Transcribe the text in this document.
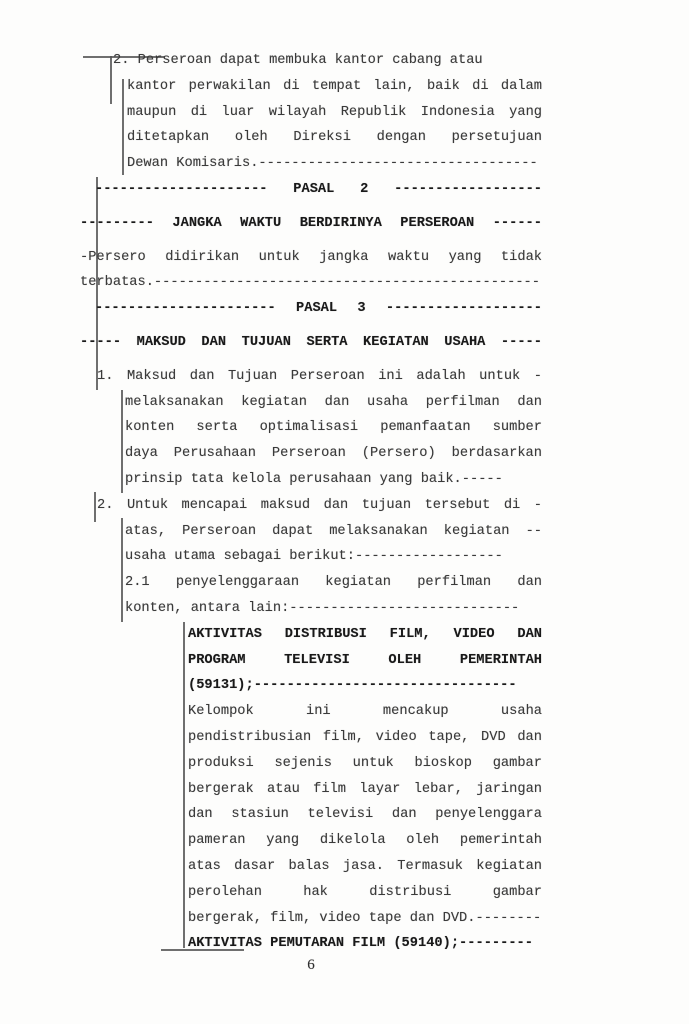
2. Perseroan dapat membuka kantor cabang atau
kantor perwakilan di tempat lain, baik di dalam
maupun di luar wilayah Republik Indonesia yang
ditetapkan oleh Direksi dengan persetujuan
Dewan Komisaris.----------------------------------
--------------------- PASAL 2 ------------------
--------- JANGKA WAKTU BERDIRINYA PERSEROAN ------
-Persero didirikan untuk jangka waktu yang tidak
terbatas.-----------------------------------------------
---------------------- PASAL 3 -------------------
----- MAKSUD DAN TUJUAN SERTA KEGIATAN USAHA -----
1. Maksud dan Tujuan Perseroan ini adalah untuk -
melaksanakan kegiatan dan usaha perfilman dan
konten serta optimalisasi pemanfaatan sumber
daya Perusahaan Perseroan (Persero) berdasarkan
prinsip tata kelola perusahaan yang baik.-----
2. Untuk mencapai maksud dan tujuan tersebut di -
atas, Perseroan dapat melaksanakan kegiatan --
usaha utama sebagai berikut:------------------
2.1 penyelenggaraan kegiatan perfilman dan
konten, antara lain:----------------------------
AKTIVITAS DISTRIBUSI FILM, VIDEO DAN
PROGRAM TELEVISI OLEH PEMERINTAH
(59131);--------------------------------
Kelompok ini mencakup usaha
pendistribusian film, video tape, DVD dan
produksi sejenis untuk bioskop gambar
bergerak atau film layar lebar, jaringan
dan stasiun televisi dan penyelenggara
pameran yang dikelola oleh pemerintah
atas dasar balas jasa. Termasuk kegiatan
perolehan hak distribusi gambar
bergerak, film, video tape dan DVD.--------
AKTIVITAS PEMUTARAN FILM (59140);---------
6
